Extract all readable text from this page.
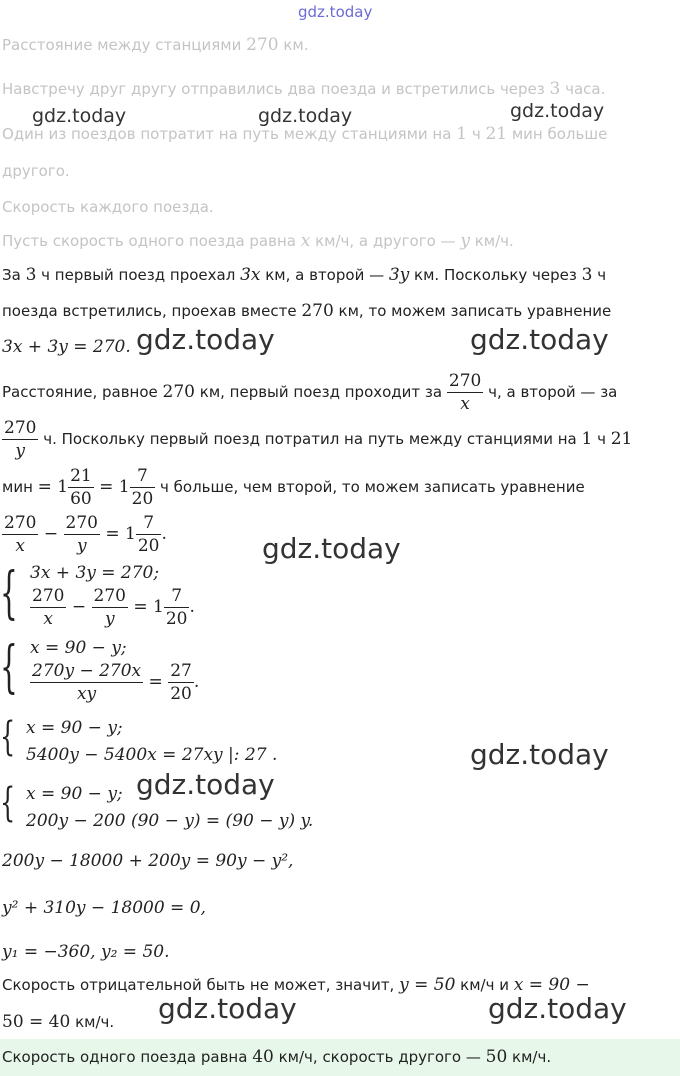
gdz.today
gdz.today	gdz.today	gdz.today
Расстояние между станциями 270 км.
Навстречу друг другу отправились два поезда и встретились через 3 часа.
Один из поездов потратит на путь между станциями на 1 ч 21 мин больше
другого.
Скорость каждого поезда.
Пусть скорость одного поезда равна x км/ч, а другого — y км/ч.
За 3 ч первый поезд проехал 3x км, а второй — 3y км. Поскольку через 3 ч
поезда встретились, проехав вместе 270 км, то можем записать уравнение
3x + 3y = 270. gdz.today	gdz.today
Расстояние, равное 270 км, первый поезд проходит за $\frac{270}{x} ч$, а второй — за
$\frac{270}{y} ч$. Поскольку первый поезд потратил на путь между станциями на 1 ч 21
мин = $1 \frac{21}{60} = 1 \frac{7}{20}$ ч больше, чем второй, то можем записать уравнение
$\frac{270}{x} - \frac{270}{y} = 1 \frac{7}{20}$ .	gdz.today
{ 3x + 3y = 270;
$\frac{270}{x} - \frac{270}{y} = 1 \frac{7}{20}$ .
{ x = 90 − y;
$\frac{270y - 270x}{xy} = \frac{27}{20}$ .
{ x = 90 − y;
5400y − 5400x = 27xy |: 27 .	gdz.today
{ x = 90 − y; gdz.today
200y − 200 (90 − y) = (90 − y) y.
200y − 18000 + 200y = 90y − y²,
y² + 310y − 18000 = 0,
y₁ = −360, y₂ = 50.
Скорость отрицательной быть не может, значит, y = 50 км/ч и x = 90 −
50 = 40 км/ч. gdz.today	gdz.today
Скорость одного поезда равна 40 км/ч, скорость другого — 50 км/ч.
